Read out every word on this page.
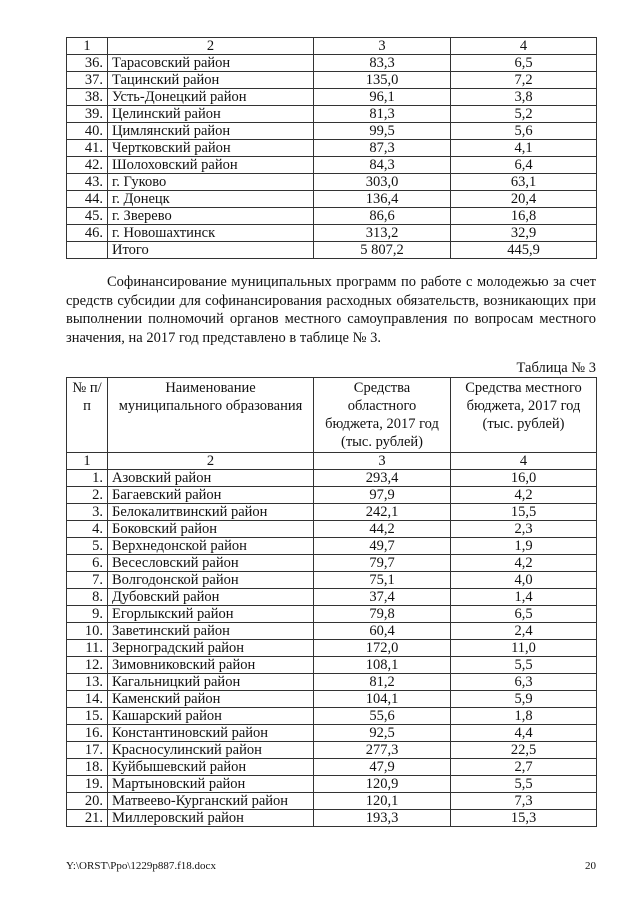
1	2	3	4
36.	Тарасовский район	83,3	6,5
37.	Тацинский район	135,0	7,2
38.	Усть-Донецкий район	96,1	3,8
39.	Целинский район	81,3	5,2
40.	Цимлянский район	99,5	5,6
41.	Чертковский район	87,3	4,1
42.	Шолоховский район	84,3	6,4
43.	г. Гуково	303,0	63,1
44.	г. Донецк	136,4	20,4
45.	г. Зверево	86,6	16,8
46.	г. Новошахтинск	313,2	32,9
	Итого	5 807,2	445,9

Софинансирование муниципальных программ по работе с молодежью за счет средств субсидии для софинансирования расходных обязательств, возникающих при выполнении полномочий органов местного самоуправления по вопросам местного значения, на 2017 год представлено в таблице № 3.

Таблица № 3
№ п/п	Наименование муниципального образования	Средства областного бюджета, 2017 год (тыс. рублей)	Средства местного бюджета, 2017 год (тыс. рублей)
1	2	3	4
1.	Азовский район	293,4	16,0
2.	Багаевский район	97,9	4,2
3.	Белокалитвинский район	242,1	15,5
4.	Боковский район	44,2	2,3
5.	Верхнедонской район	49,7	1,9
6.	Весесловский район	79,7	4,2
7.	Волгодонской район	75,1	4,0
8.	Дубовский район	37,4	1,4
9.	Егорлыкский район	79,8	6,5
10.	Заветинский район	60,4	2,4
11.	Зерноградский район	172,0	11,0
12.	Зимовниковский район	108,1	5,5
13.	Кагальницкий район	81,2	6,3
14.	Каменский район	104,1	5,9
15.	Кашарский район	55,6	1,8
16.	Константиновский район	92,5	4,4
17.	Красносулинский район	277,3	22,5
18.	Куйбышевский район	47,9	2,7
19.	Мартыновский район	120,9	5,5
20.	Матвеево-Курганский район	120,1	7,3
21.	Миллеровский район	193,3	15,3
Y:\ORST\Ppo\1229p887.f18.docx	20
